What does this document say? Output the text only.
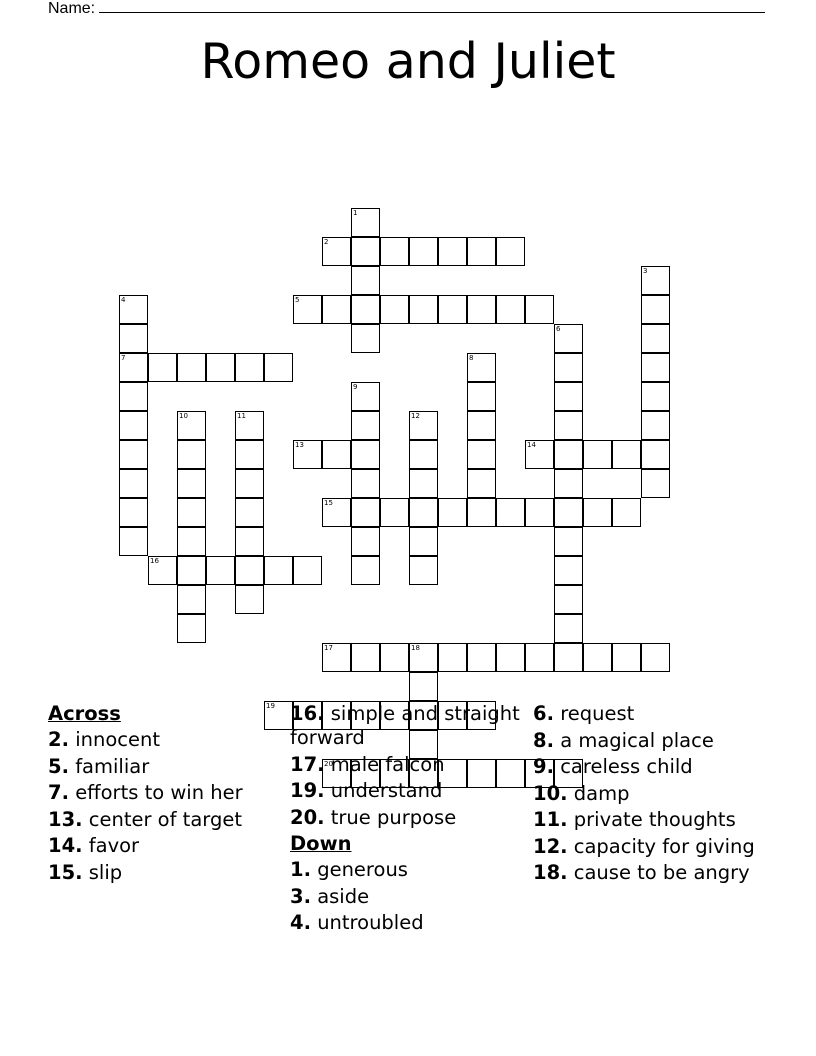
Name:
Romeo and Juliet
1
2
3
4	5
6
7	8
9
10	11	12
13	14
15
16
17	18
19
20
Across
2. innocent
5. familiar
7. efforts to win her
13. center of target
14. favor
15. slip
16. simple and straight forward
17. male falcon
19. understand
20. true purpose
Down
1. generous
3. aside
4. untroubled
6. request
8. a magical place
9. careless child
10. damp
11. private thoughts
12. capacity for giving
18. cause to be angry
